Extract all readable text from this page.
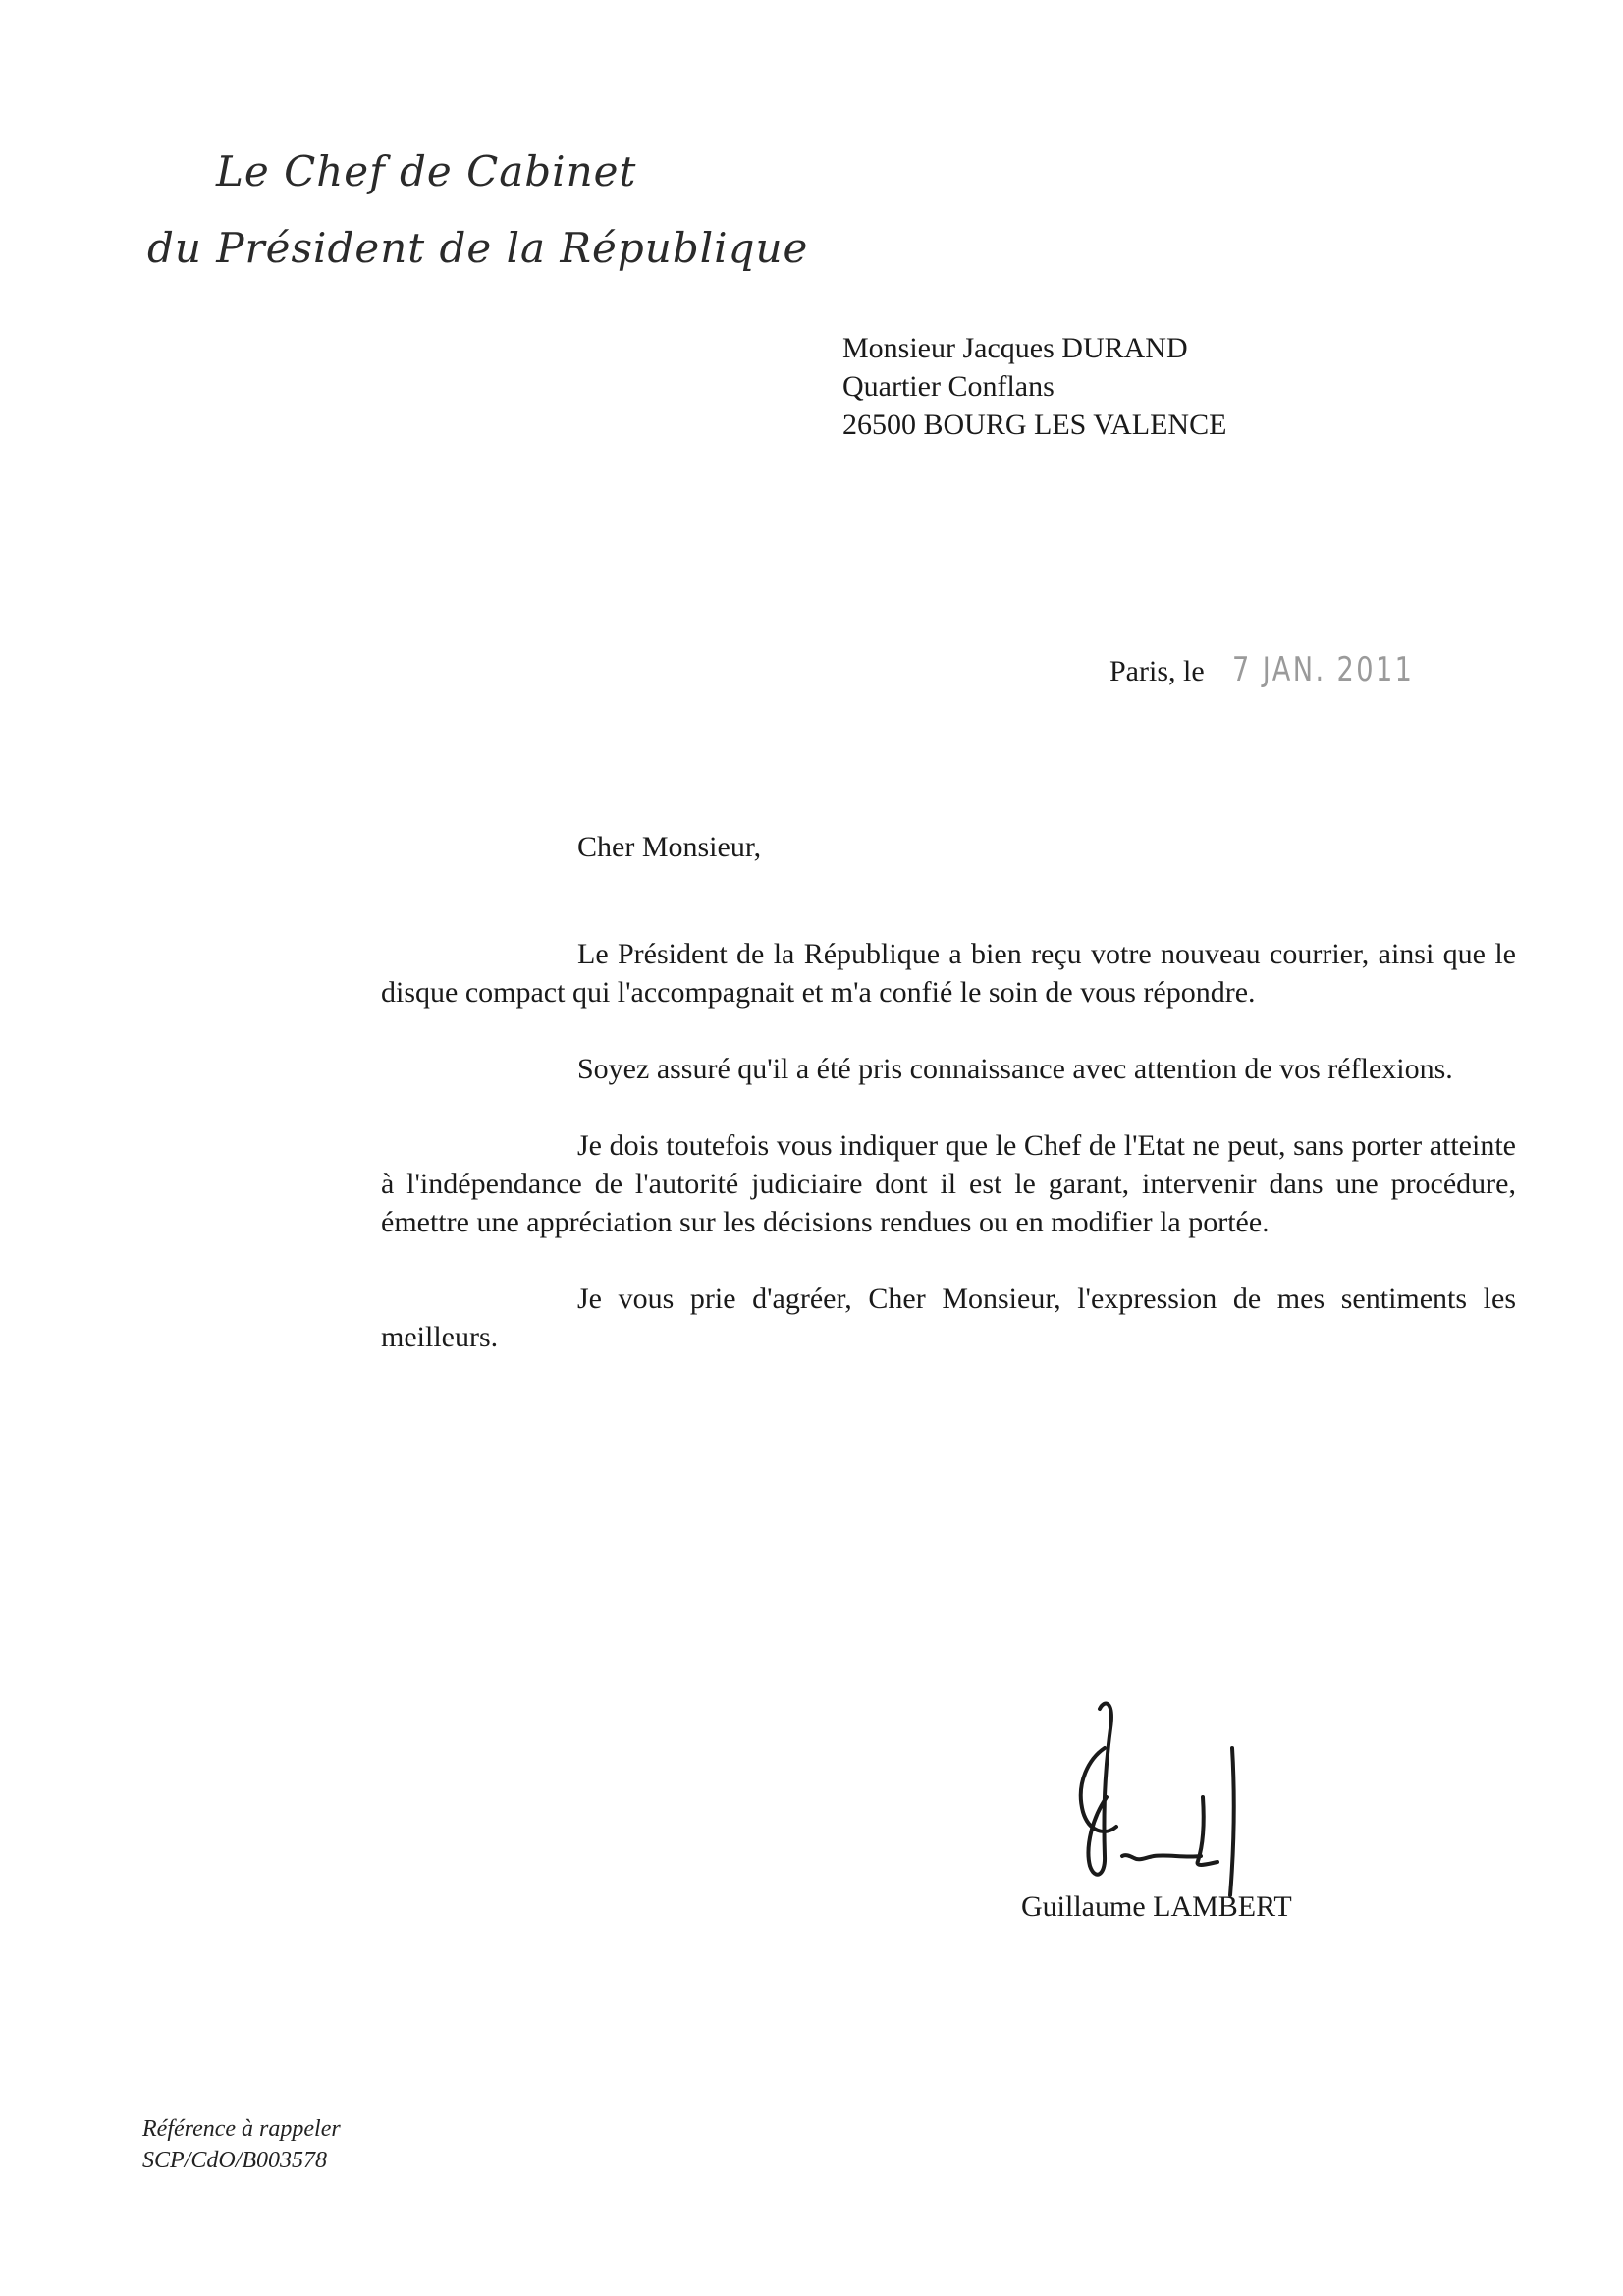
Le Chef de Cabinet
du Président de la République
Monsieur Jacques DURAND
Quartier Conflans
26500 BOURG LES VALENCE
Paris, le 7 JAN. 2011
Cher Monsieur,

Le Président de la République a bien reçu votre nouveau courrier, ainsi que le disque compact qui l'accompagnait et m'a confié le soin de vous répondre.

Soyez assuré qu'il a été pris connaissance avec attention de vos réflexions.

Je dois toutefois vous indiquer que le Chef de l'Etat ne peut, sans porter atteinte à l'indépendance de l'autorité judiciaire dont il est le garant, intervenir dans une procédure, émettre une appréciation sur les décisions rendues ou en modifier la portée.

Je vous prie d'agréer, Cher Monsieur, l'expression de mes sentiments les meilleurs.

Guillaume LAMBERT
Référence à rappeler
SCP/CdO/B003578
